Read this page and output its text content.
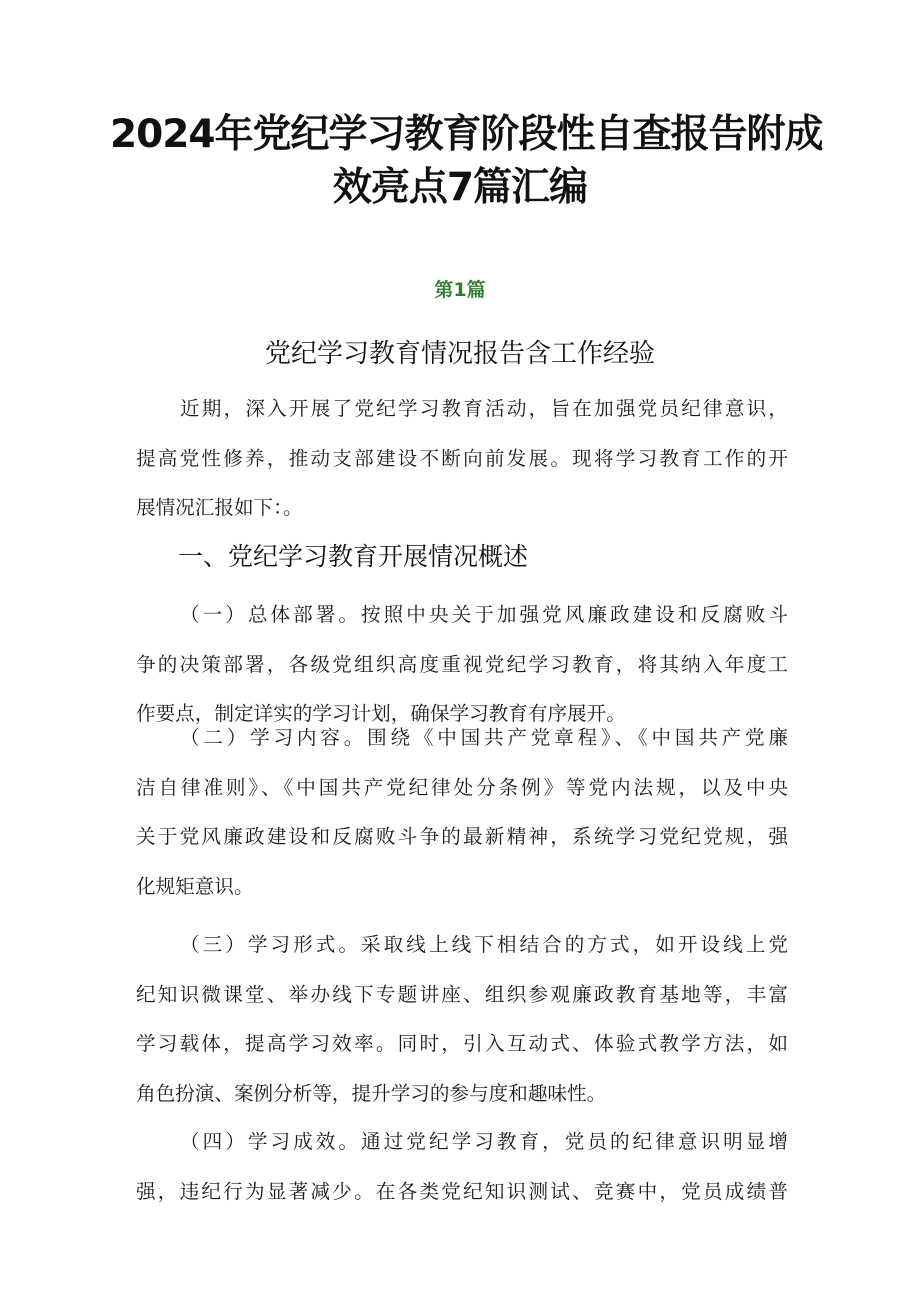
2024年党纪学习教育阶段性自查报告附成
效亮点7篇汇编
第1篇
党纪学习教育情况报告含工作经验
近期，深入开展了党纪学习教育活动，旨在加强党员纪律意识，
提高党性修养，推动支部建设不断向前发展。现将学习教育工作的开
展情况汇报如下：。
一、党纪学习教育开展情况概述
（一）总体部署。按照中央关于加强党风廉政建设和反腐败斗
争的决策部署，各级党组织高度重视党纪学习教育，将其纳入年度工
作要点，制定详实的学习计划，确保学习教育有序展开。
（二）学习内容。围绕《中国共产党章程》、《中国共产党廉
洁自律准则》、《中国共产党纪律处分条例》等党内法规，以及中央
关于党风廉政建设和反腐败斗争的最新精神，系统学习党纪党规，强
化规矩意识。
（三）学习形式。采取线上线下相结合的方式，如开设线上党
纪知识微课堂、举办线下专题讲座、组织参观廉政教育基地等，丰富
学习载体，提高学习效率。同时，引入互动式、体验式教学方法，如
角色扮演、案例分析等，提升学习的参与度和趣味性。
（四）学习成效。通过党纪学习教育，党员的纪律意识明显增
强，违纪行为显著减少。在各类党纪知识测试、竞赛中，党员成绩普
